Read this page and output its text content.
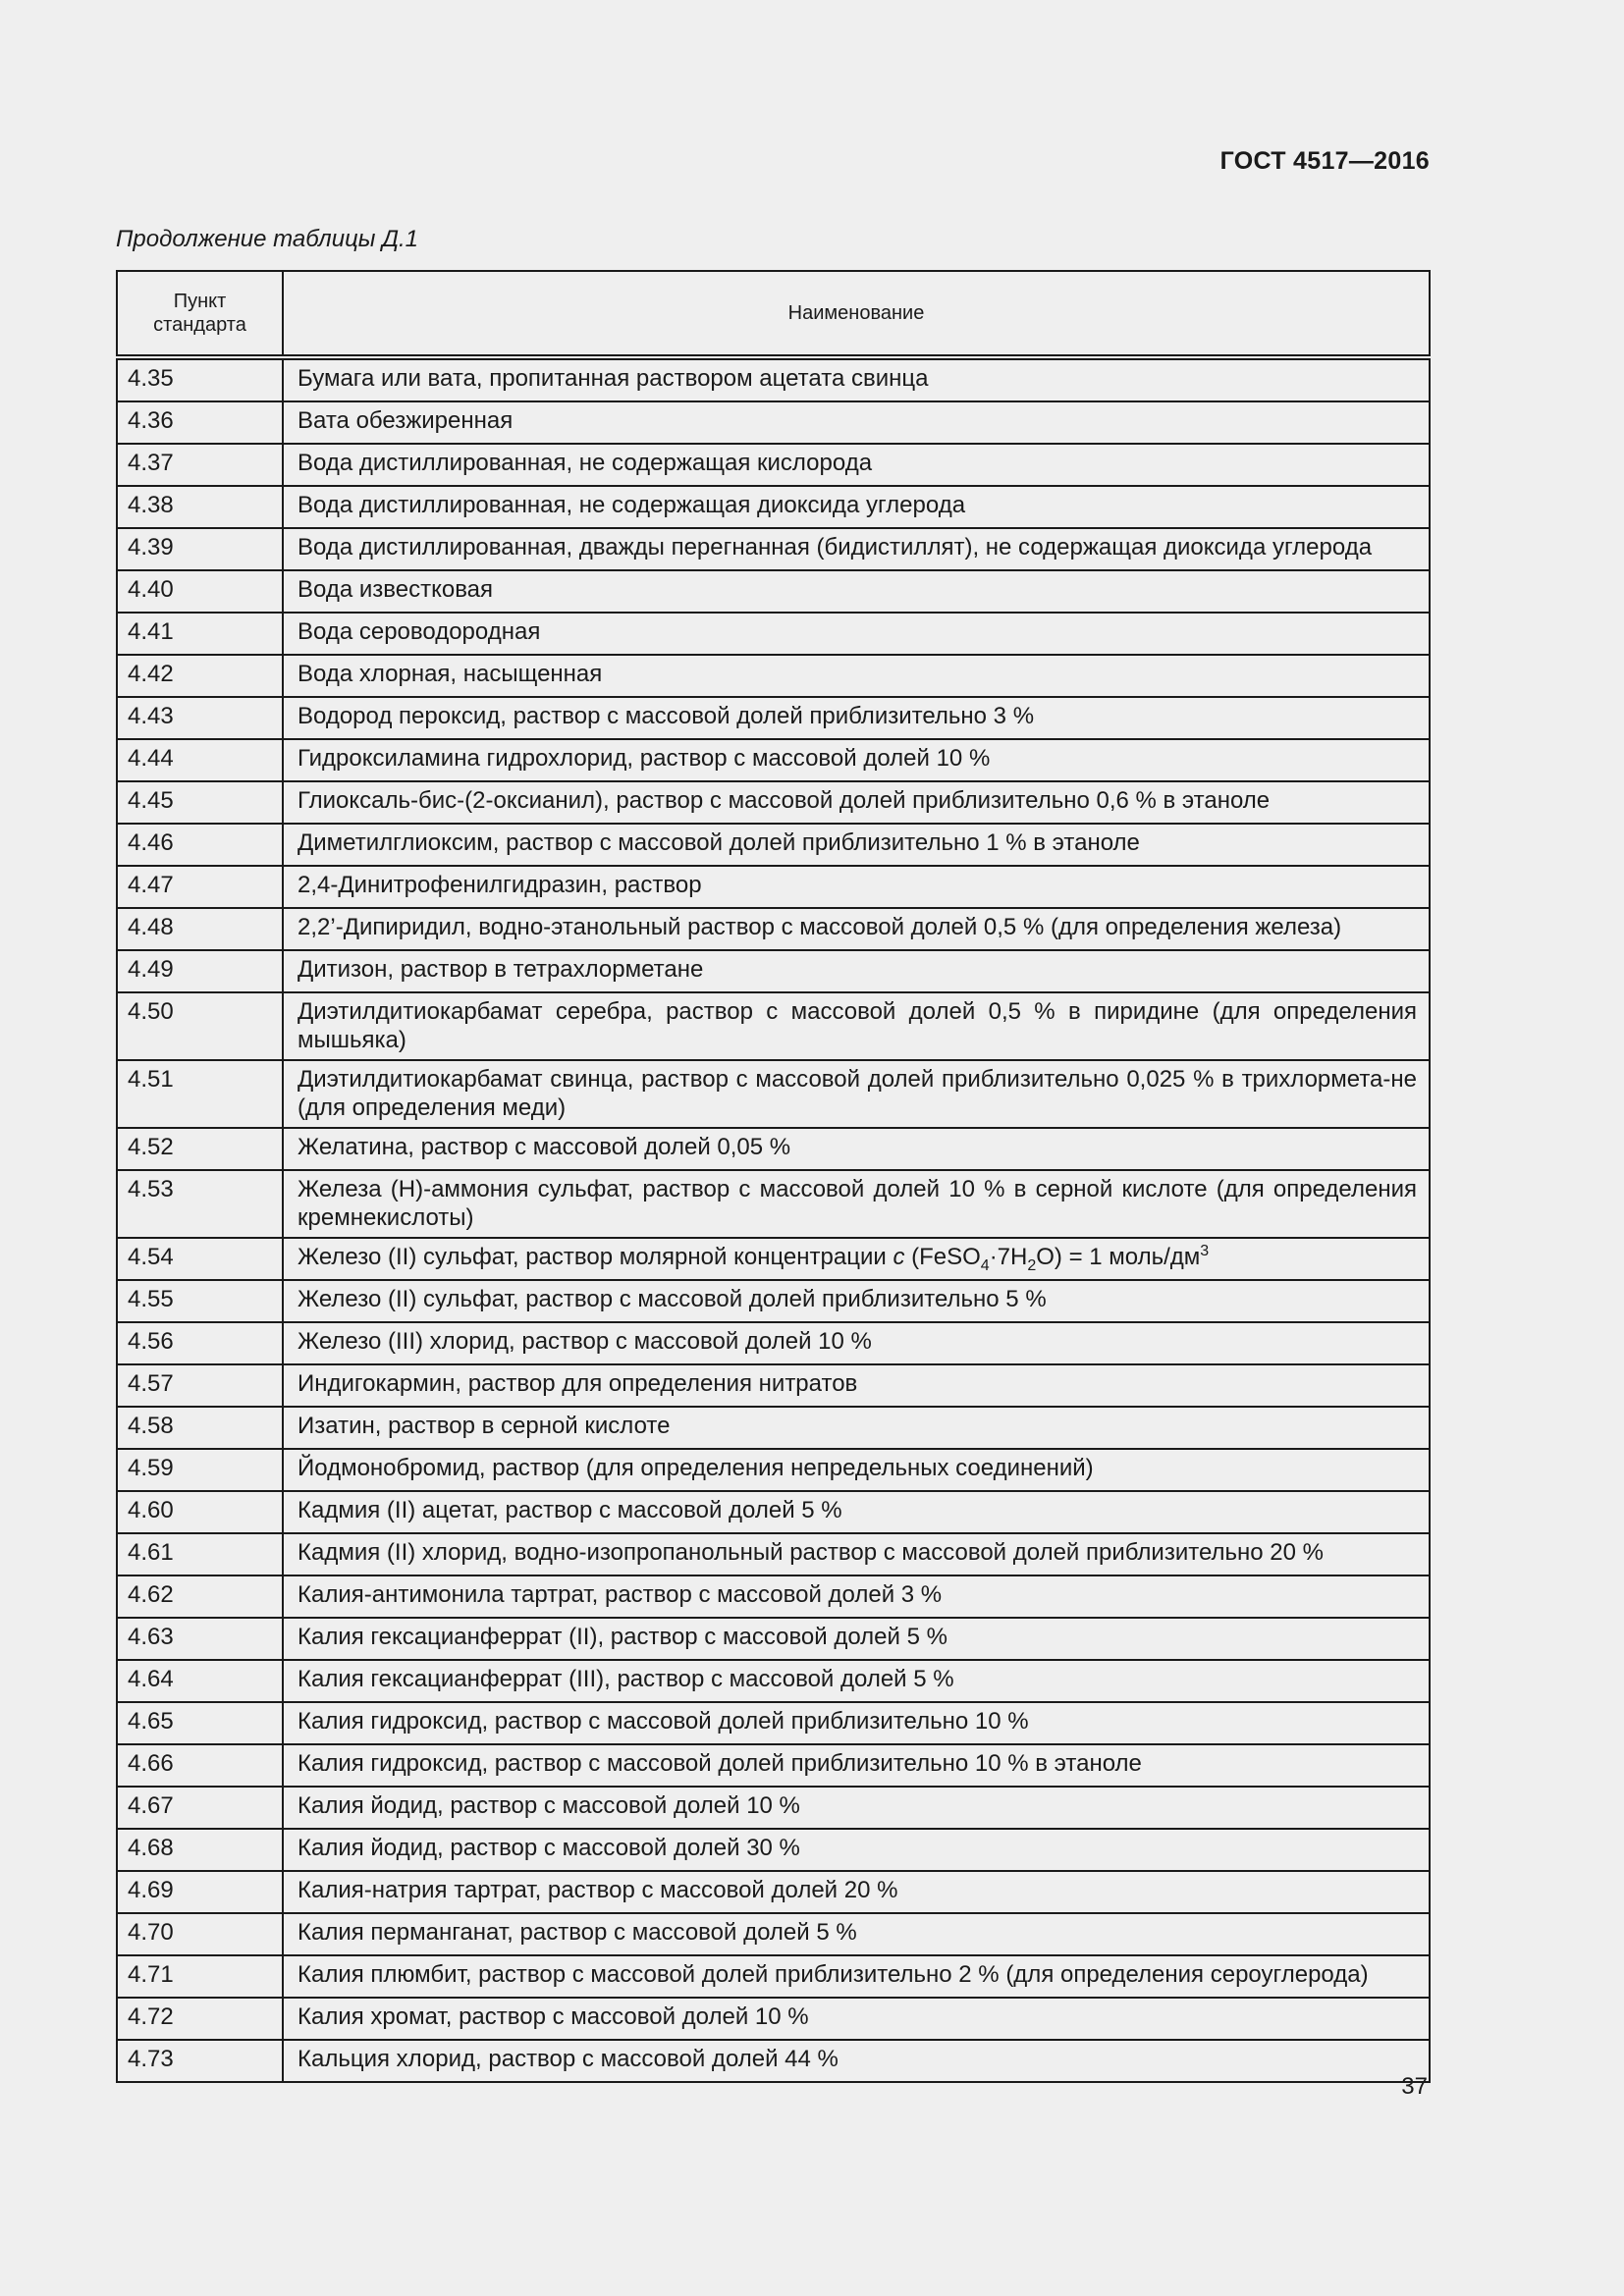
ГОСТ 4517—2016
Продолжение таблицы Д.1
Пункт
стандарта	Наименование
4.35	Бумага или вата, пропитанная раствором ацетата свинца
4.36	Вата обезжиренная
4.37	Вода дистиллированная, не содержащая кислорода
4.38	Вода дистиллированная, не содержащая диоксида углерода
4.39	Вода дистиллированная, дважды перегнанная (бидистиллят), не содержащая диоксида углерода
4.40	Вода известковая
4.41	Вода сероводородная
4.42	Вода хлорная, насыщенная
4.43	Водород пероксид, раствор с массовой долей приблизительно 3 %
4.44	Гидроксиламина гидрохлорид, раствор с массовой долей 10 %
4.45	Глиоксаль-бис-(2-оксианил), раствор с массовой долей приблизительно 0,6 % в этаноле
4.46	Диметилглиоксим, раствор с массовой долей приблизительно 1 % в этаноле
4.47	2,4-Динитрофенилгидразин, раствор
4.48	2,2’-Дипиридил, водно-этанольный раствор с массовой долей 0,5 % (для определения железа)
4.49	Дитизон, раствор в тетрахлорметане
4.50	Диэтилдитиокарбамат серебра, раствор с массовой долей 0,5 % в пиридине (для определения мышьяка)
4.51	Диэтилдитиокарбамат свинца, раствор с массовой долей приблизительно 0,025 % в трихлормета-не (для определения меди)
4.52	Желатина, раствор с массовой долей 0,05 %
4.53	Железа (Н)-аммония сульфат, раствор с массовой долей 10 % в серной кислоте (для определения кремнекислоты)
4.54	Железо (II) сульфат, раствор молярной концентрации c $(FeSO_4\cdot 7H_2O) = 1$ моль/$дм^3$
4.55	Железо (II) сульфат, раствор с массовой долей приблизительно 5 %
4.56	Железо (III) хлорид, раствор с массовой долей 10 %
4.57	Индигокармин, раствор для определения нитратов
4.58	Изатин, раствор в серной кислоте
4.59	Йодмонобромид, раствор (для определения непредельных соединений)
4.60	Кадмия (II) ацетат, раствор с массовой долей 5 %
4.61	Кадмия (II) хлорид, водно-изопропанольный раствор с массовой долей приблизительно 20 %
4.62	Калия-антимонила тартрат, раствор с массовой долей 3 %
4.63	Калия гексацианферрат (II), раствор с массовой долей 5 %
4.64	Калия гексацианферрат (III), раствор с массовой долей 5 %
4.65	Калия гидроксид, раствор с массовой долей приблизительно 10 %
4.66	Калия гидроксид, раствор с массовой долей приблизительно 10 % в этаноле
4.67	Калия йодид, раствор с массовой долей 10 %
4.68	Калия йодид, раствор с массовой долей 30 %
4.69	Калия-натрия тартрат, раствор с массовой долей 20 %
4.70	Калия перманганат, раствор с массовой долей 5 %
4.71	Калия плюмбит, раствор с массовой долей приблизительно 2 % (для определения сероуглерода)
4.72	Калия хромат, раствор с массовой долей 10 %
4.73	Кальция хлорид, раствор с массовой долей 44 %
37
